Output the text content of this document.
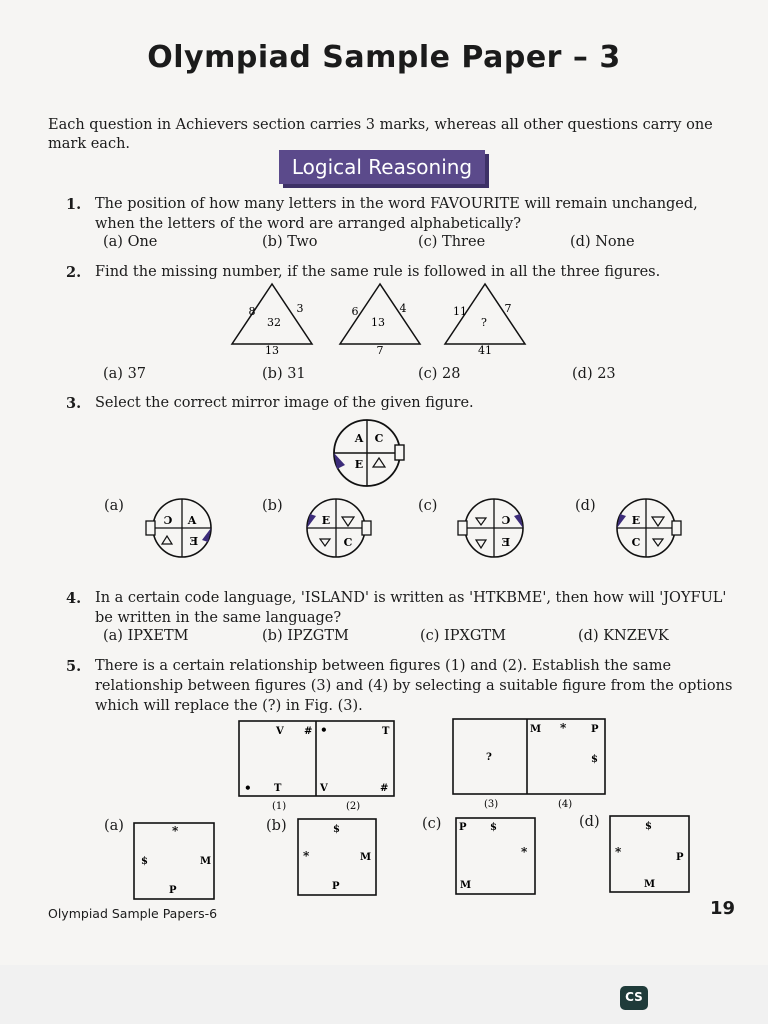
Olympiad Sample Paper – 3
Each question in Achievers section carries 3 marks, whereas all other questions carry one mark each.
Logical Reasoning
1. The position of how many letters in the word FAVOURITE will remain unchanged, when the letters of the word are arranged alphabetically?
(a) One	(b) Two	(c) Three	(d) None
2. Find the missing number, if the same rule is followed in all the three figures.
8	3
32
13
6	4
13
7
11	7
?
41
(a) 37	(b) 31	(c) 28	(d) 23
3. Select the correct mirror image of the given figure.
A C
E
(a)	(b)	(c)	(d)
Ɔ A
Ǝ
E
C
Ɔ
Ǝ
E
C
4. In a certain code language, 'ISLAND' is written as 'HTKBME', then how will 'JOYFUL' be written in the same language?
(a) IPXETM	(b) IPZGTM	(c) IPXGTM	(d) KNZEVK
5. There is a certain relationship between figures (1) and (2). Establish the same relationship between figures (3) and (4) by selecting a suitable figure from the options which will replace the (?) in Fig. (3).
V #
• T
•	T
V	#
(1)	(2)
?
M * P
$
(3)	(4)
(a)	(b)	(c)	(d)
*
$	M
P
$
*	M
P
P $
*
M
$
*	P
M
Olympiad Sample Papers-6	19
CS
